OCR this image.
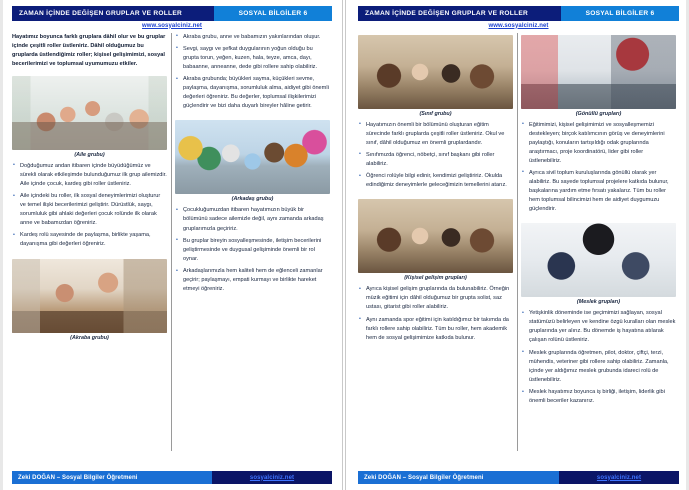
ZAMAN İÇİNDE DEĞİŞEN GRUPLAR VE ROLLER	SOSYAL BİLGİLER 6
www.sosyalciniz.net
Hayatımız boyunca farklı gruplara dâhil olur ve bu gruplar içinde çeşitli roller üstleniriz. Dâhil olduğumuz bu gruplarda üstlendiğimiz roller; kişisel gelişimimizi, sosyal becerilerimizi ve toplumsal uyumumuzu etkiler.
(Aile grubu)
• Doğduğumuz andan itibaren içinde büyüdüğümüz ve sürekli olarak etkileşimde bulunduğumuz ilk grup ailemizdir. Aile içinde çocuk, kardeş gibi roller üstleniriz.
• Aile içindeki bu roller, ilk sosyal deneyimlerimizi oluşturur ve temel ilişki becerilerimizi geliştirir. Dürüstlük, saygı, sorumluluk gibi ahlaki değerleri çocuk rolünde ilk olarak anne ve babamızdan öğreniriz.
• Kardeş rolü sayesinde de paylaşma, birlikte yaşama, dayanışma gibi değerleri öğreniriz.
(Akraba grubu)
• Akraba grubu, anne ve babamızın yakınlarından oluşur.
• Sevgi, saygı ve şefkat duygularının yoğun olduğu bu grupta torun, yeğen, kuzen, hala, teyze, amca, dayı, babaanne, anneanne, dede gibi rollere sahip olabiliriz.
• Akraba grubunda; büyükleri sayma, küçükleri sevme, paylaşma, dayanışma, sorumluluk alma, aidiyet gibi önemli değerleri öğreniriz. Bu değerler, toplumsal ilişkilerimizi güçlendirir ve bizi daha duyarlı bireyler hâline getirir.
(Arkadaş grubu)
• Çocukluğumuzdan itibaren hayatımızın büyük bir bölümünü sadece ailemizle değil, aynı zamanda arkadaş gruplarımızla geçiririz.
• Bu gruplar bireyin sosyalleşmesinde, iletişim becerilerini geliştirmesinde ve duygusal gelişiminde önemli bir rol oynar.
• Arkadaşlarımızla hem kaliteli hem de eğlenceli zamanlar geçirir; paylaşmayı, empati kurmayı ve birlikte hareket etmeyi öğreniriz.
Zeki DOĞAN – Sosyal Bilgiler Öğretmeni	sosyalciniz.net
ZAMAN İÇİNDE DEĞİŞEN GRUPLAR VE ROLLER	SOSYAL BİLGİLER 6
www.sosyalciniz.net
(Sınıf grubu)
• Hayatımızın önemli bir bölümünü oluşturan eğitim sürecinde farklı gruplarda çeşitli roller üstleniriz. Okul ve sınıf, dâhil olduğumuz en önemli gruplardandır.
• Sınıfımızda öğrenci, nöbetçi, sınıf başkanı gibi roller alabiliriz.
• Öğrenci rolüyle bilgi edinir, kendimizi geliştiririz. Okulda edindiğimiz deneyimlerle geleceğimizin temellerini atarız.
(Kişisel gelişim grupları)
• Ayrıca kişisel gelişim gruplarında da bulunabiliriz. Örneğin müzik eğitimi için dâhil olduğumuz bir grupta solist, saz ustası, gitarist gibi roller alabiliriz.
• Aynı zamanda spor eğitimi için katıldığımız bir takımda da farklı rollere sahip olabiliriz. Tüm bu roller, hem akademik hem de sosyal gelişimimize katkıda bulunur.
(Gönüllü grupları)
• Eğitimimizi, kişisel gelişimimizi ve sosyalleşmemizi destekleyen; birçok katılımcının görüş ve deneyimlerini paylaştığı, konuların tartışıldığı odak gruplarında araştırmacı, proje koordinatörü, lider gibi roller üstlenebiliriz.
• Ayrıca sivil toplum kuruluşlarında gönüllü olarak yer alabiliriz. Bu sayede toplumsal projelere katkıda bulunur, başkalarına yardım etme fırsatı yakalarız. Tüm bu roller hem toplumsal bilincimizi hem de aidiyet duygumuzu güçlendirir.
(Meslek grupları)
• Yetişkinlik döneminde ise geçimimizi sağlayan, sosyal statümüzü belirleyen ve kendine özgü kuralları olan meslek gruplarında yer alırız. Bu dönemde iş hayatına atılarak çalışan rolünü üstleniriz.
• Meslek gruplarında öğretmen, pilot, doktor, çiftçi, terzi, mühendis, veteriner gibi rollere sahip olabiliriz. Zamanla, içinde yer aldığımız meslek grubunda idareci rolü de üstlenebiliriz.
• Meslek hayatımız boyunca iş birliği, iletişim, liderlik gibi önemli beceriler kazanırız.
Zeki DOĞAN – Sosyal Bilgiler Öğretmeni	sosyalciniz.net
